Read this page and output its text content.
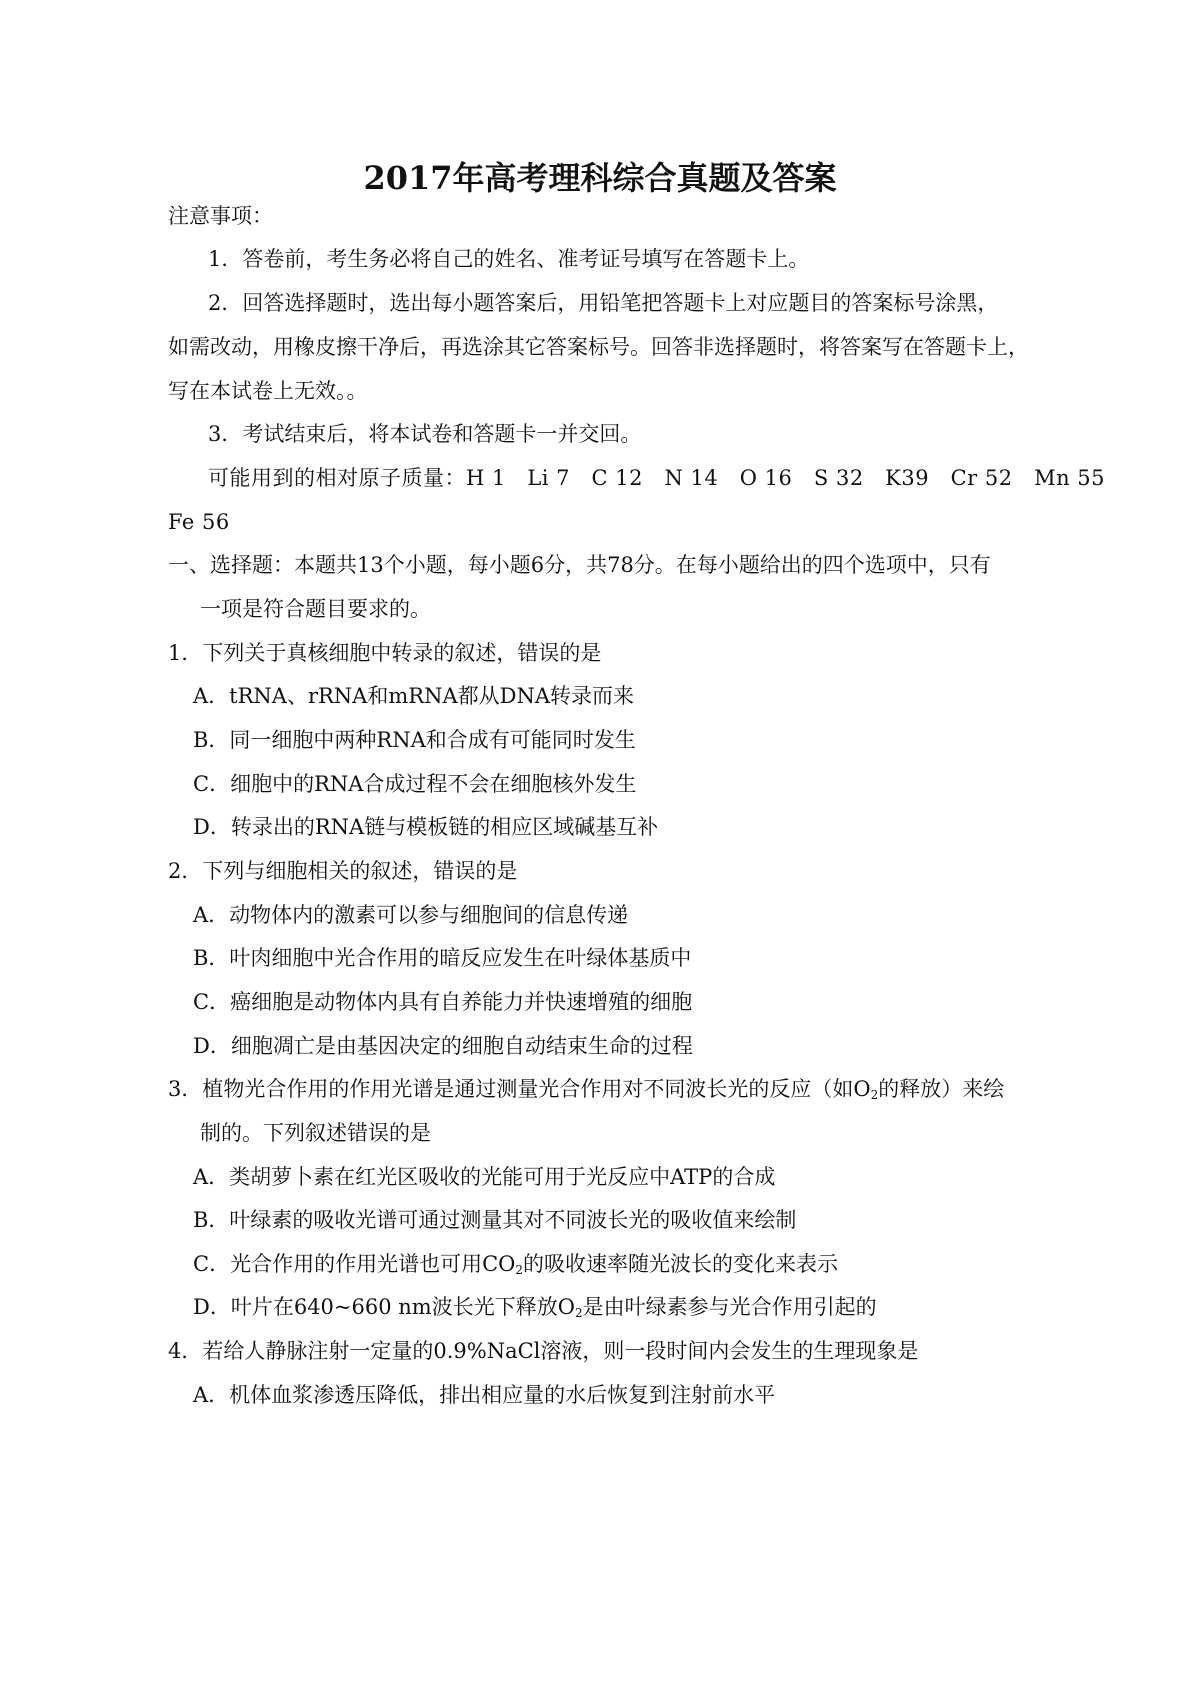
2017年高考理科综合真题及答案
注意事项：
1．答卷前，考生务必将自己的姓名、准考证号填写在答题卡上。
2．回答选择题时，选出每小题答案后，用铅笔把答题卡上对应题目的答案标号涂黑，
如需改动，用橡皮擦干净后，再选涂其它答案标号。回答非选择题时，将答案写在答题卡上，
写在本试卷上无效。。
3．考试结束后，将本试卷和答题卡一并交回。
可能用到的相对原子质量：H 1　Li 7　C 12　N 14　O 16　S 32　K39　Cr 52　Mn 55
Fe 56
一、选择题：本题共13个小题，每小题6分，共78分。在每小题给出的四个选项中，只有
一项是符合题目要求的。
1．下列关于真核细胞中转录的叙述，错误的是
A．tRNA、rRNA和mRNA都从DNA转录而来
B．同一细胞中两种RNA和合成有可能同时发生
C．细胞中的RNA合成过程不会在细胞核外发生
D．转录出的RNA链与模板链的相应区域碱基互补
2．下列与细胞相关的叙述，错误的是
A．动物体内的激素可以参与细胞间的信息传递
B．叶肉细胞中光合作用的暗反应发生在叶绿体基质中
C．癌细胞是动物体内具有自养能力并快速增殖的细胞
D．细胞凋亡是由基因决定的细胞自动结束生命的过程
3．植物光合作用的作用光谱是通过测量光合作用对不同波长光的反应（如$O_2$的释放）来绘
制的。下列叙述错误的是
A．类胡萝卜素在红光区吸收的光能可用于光反应中ATP的合成
B．叶绿素的吸收光谱可通过测量其对不同波长光的吸收值来绘制
C．光合作用的作用光谱也可用$CO_2$的吸收速率随光波长的变化来表示
D．叶片在640~660 nm波长光下释放$O_2$是由叶绿素参与光合作用引起的
4．若给人静脉注射一定量的0.9%NaCl溶液，则一段时间内会发生的生理现象是
A．机体血浆渗透压降低，排出相应量的水后恢复到注射前水平
